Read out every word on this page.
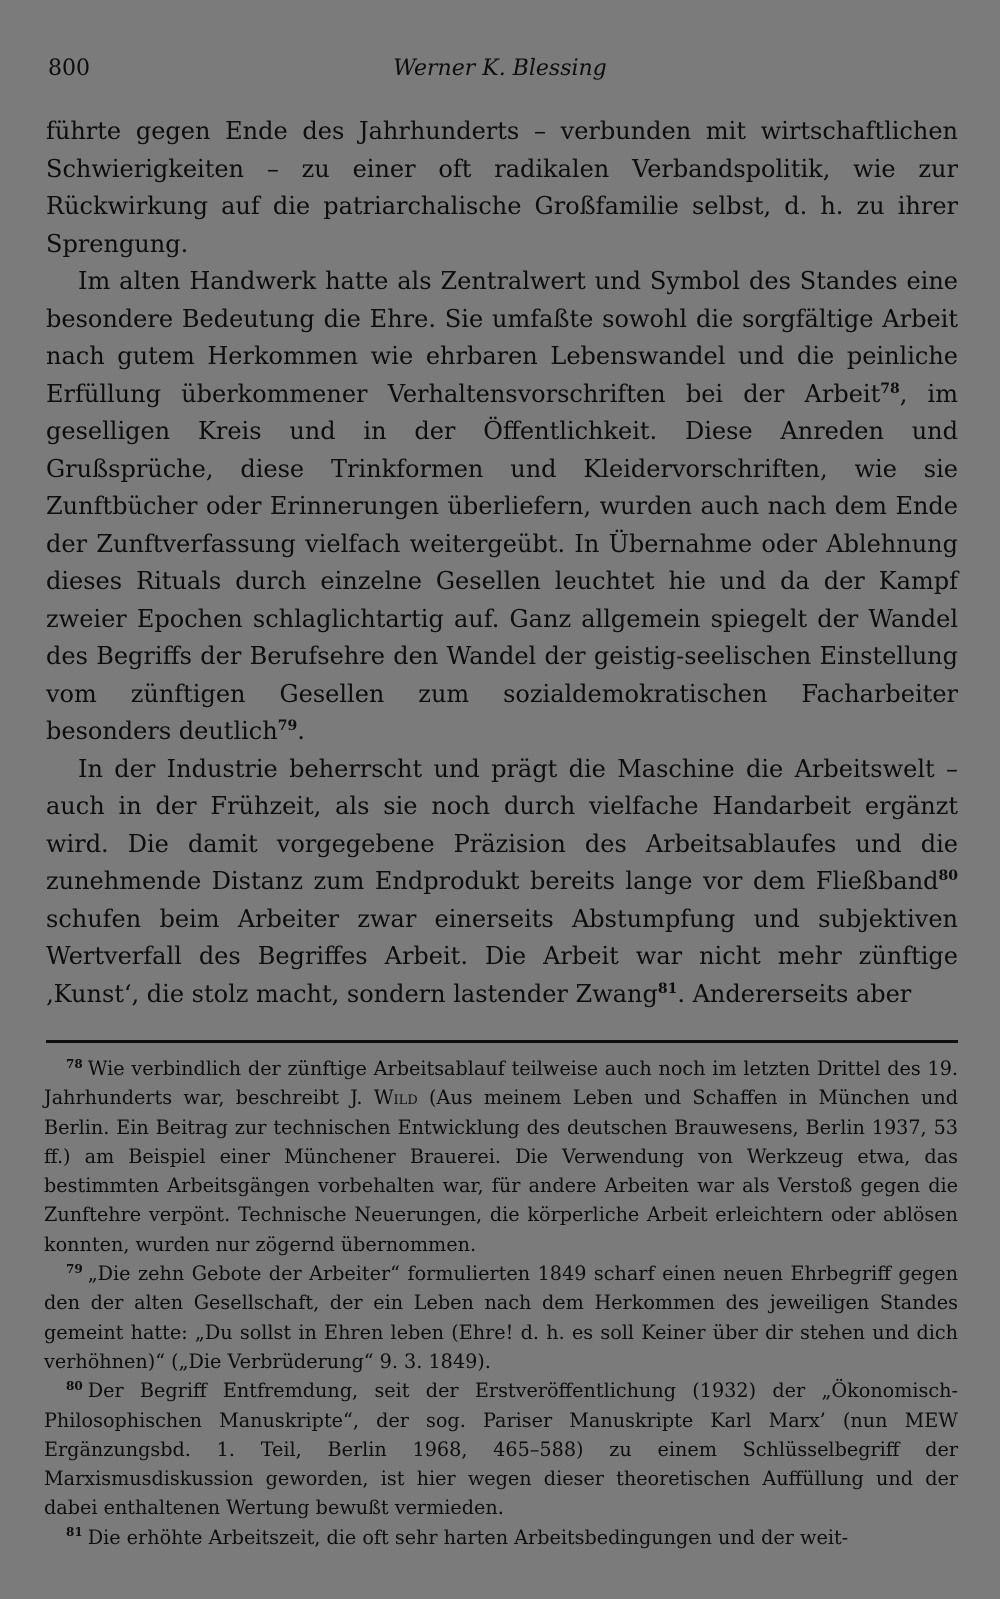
800	Werner K. Blessing

führte gegen Ende des Jahrhunderts – verbunden mit wirtschaftlichen Schwierigkeiten – zu einer oft radikalen Verbandspolitik, wie zur Rückwirkung auf die patriarchalische Großfamilie selbst, d. h. zu ihrer Sprengung.

Im alten Handwerk hatte als Zentralwert und Symbol des Standes eine besondere Bedeutung die Ehre. Sie umfaßte sowohl die sorgfältige Arbeit nach gutem Herkommen wie ehrbaren Lebenswandel und die peinliche Erfüllung überkommener Verhaltensvorschriften bei der Arbeit$^{78}$, im geselligen Kreis und in der Öffentlichkeit. Diese Anreden und Grußsprüche, diese Trinkformen und Kleidervorschriften, wie sie Zunftbücher oder Erinnerungen überliefern, wurden auch nach dem Ende der Zunftverfassung vielfach weitergeübt. In Übernahme oder Ablehnung dieses Rituals durch einzelne Gesellen leuchtet hie und da der Kampf zweier Epochen schlaglichtartig auf. Ganz allgemein spiegelt der Wandel des Begriffs der Berufsehre den Wandel der geistig-seelischen Einstellung vom zünftigen Gesellen zum sozialdemokratischen Facharbeiter besonders deutlich$^{79}$.

In der Industrie beherrscht und prägt die Maschine die Arbeitswelt – auch in der Frühzeit, als sie noch durch vielfache Handarbeit ergänzt wird. Die damit vorgegebene Präzision des Arbeitsablaufes und die zunehmende Distanz zum Endprodukt bereits lange vor dem Fließband$^{80}$ schufen beim Arbeiter zwar einerseits Abstumpfung und subjektiven Wertverfall des Begriffes Arbeit. Die Arbeit war nicht mehr zünftige ‚Kunst‘, die stolz macht, sondern lastender Zwang$^{81}$. Andererseits aber

$^{78}$ Wie verbindlich der zünftige Arbeitsablauf teilweise auch noch im letzten Drittel des 19. Jahrhunderts war, beschreibt J. Wild (Aus meinem Leben und Schaffen in München und Berlin. Ein Beitrag zur technischen Entwicklung des deutschen Brauwesens, Berlin 1937, 53 ff.) am Beispiel einer Münchener Brauerei. Die Verwendung von Werkzeug etwa, das bestimmten Arbeitsgängen vorbehalten war, für andere Arbeiten war als Verstoß gegen die Zunftehre verpönt. Technische Neuerungen, die körperliche Arbeit erleichtern oder ablösen konnten, wurden nur zögernd übernommen.

$^{79}$ „Die zehn Gebote der Arbeiter“ formulierten 1849 scharf einen neuen Ehrbegriff gegen den der alten Gesellschaft, der ein Leben nach dem Herkommen des jeweiligen Standes gemeint hatte: „Du sollst in Ehren leben (Ehre! d. h. es soll Keiner über dir stehen und dich verhöhnen)“ („Die Verbrüderung“ 9. 3. 1849).

$^{80}$ Der Begriff Entfremdung, seit der Erstveröffentlichung (1932) der „Ökonomisch-Philosophischen Manuskripte“, der sog. Pariser Manuskripte Karl Marx’ (nun MEW Ergänzungsbd. 1. Teil, Berlin 1968, 465–588) zu einem Schlüsselbegriff der Marxismusdiskussion geworden, ist hier wegen dieser theoretischen Auffüllung und der dabei enthaltenen Wertung bewußt vermieden.

$^{81}$ Die erhöhte Arbeitszeit, die oft sehr harten Arbeitsbedingungen und der weit-
